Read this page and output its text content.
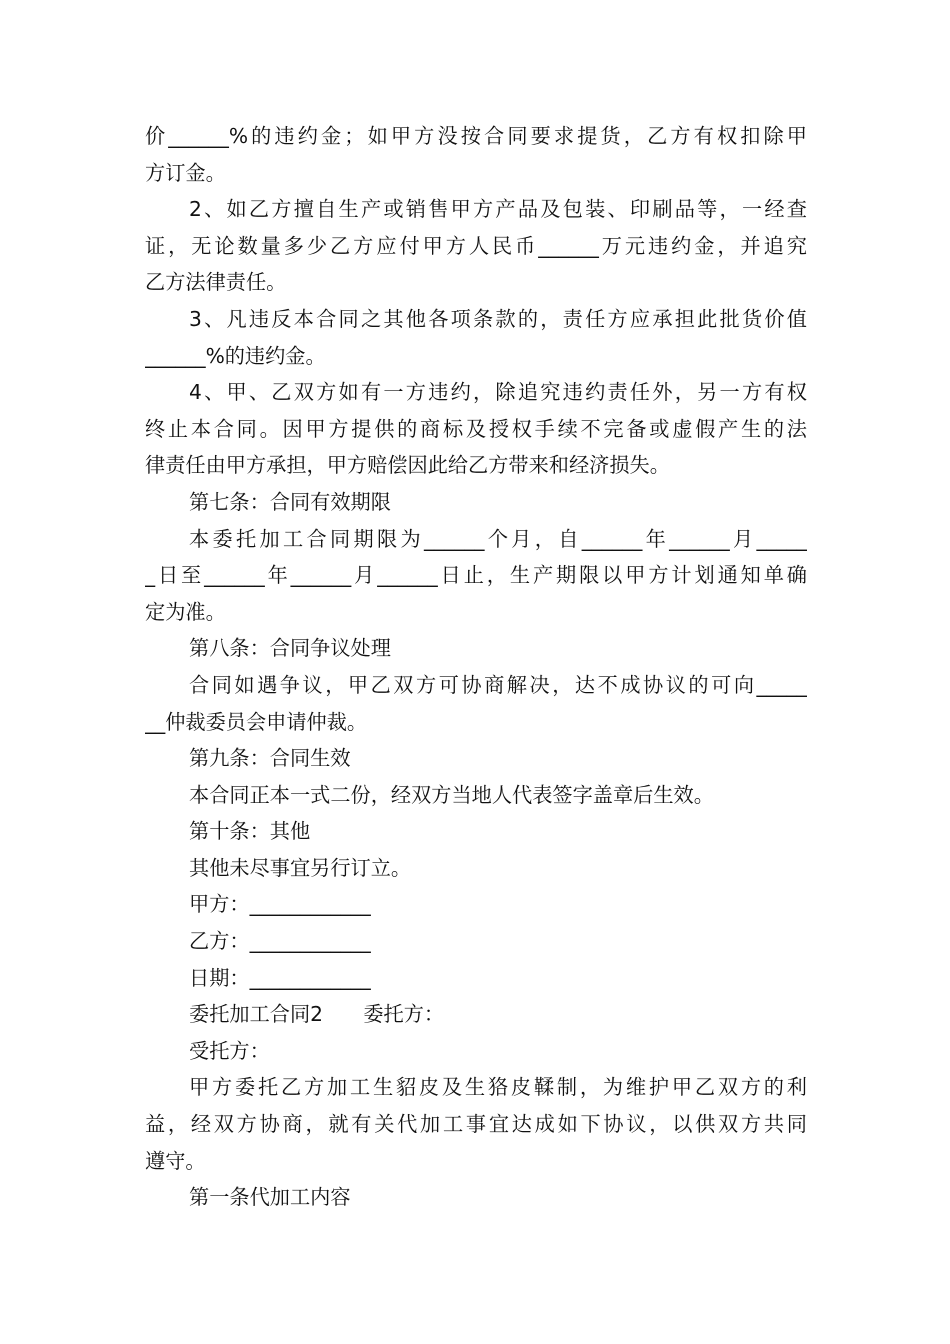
价______%的违约金；如甲方没按合同要求提货，乙方有权扣除甲
方订金。
2、如乙方擅自生产或销售甲方产品及包装、印刷品等，一经查
证，无论数量多少乙方应付甲方人民币______万元违约金，并追究
乙方法律责任。
3、凡违反本合同之其他各项条款的，责任方应承担此批货价值
______%的违约金。
4、甲、乙双方如有一方违约，除追究违约责任外，另一方有权
终止本合同。因甲方提供的商标及授权手续不完备或虚假产生的法
律责任由甲方承担，甲方赔偿因此给乙方带来和经济损失。
第七条：合同有效期限
本委托加工合同期限为______个月，自______年______月_____
_日至______年______月______日止，生产期限以甲方计划通知单确
定为准。
第八条：合同争议处理
合同如遇争议，甲乙双方可协商解决，达不成协议的可向_____
__仲裁委员会申请仲裁。
第九条：合同生效
本合同正本一式二份，经双方当地人代表签字盖章后生效。
第十条：其他
其他未尽事宜另行订立。
甲方：____________
乙方：____________
日期：____________
委托加工合同2　　委托方：
受托方：
甲方委托乙方加工生貂皮及生狢皮鞣制，为维护甲乙双方的利
益，经双方协商，就有关代加工事宜达成如下协议，以供双方共同
遵守。
第一条代加工内容
